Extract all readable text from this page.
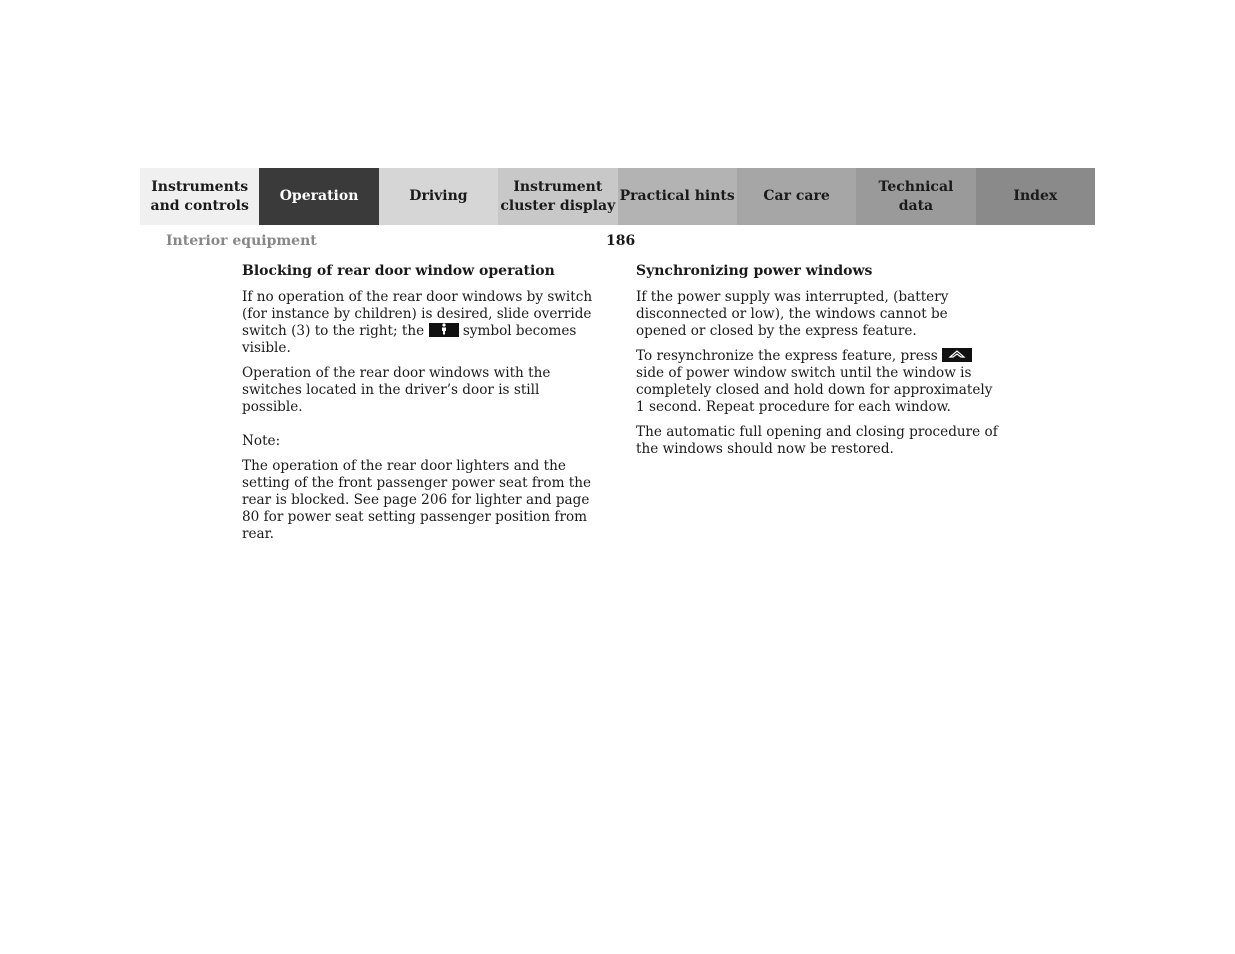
Instruments
and controls
Operation	Driving
Instrument
cluster display
Practical hints	Car care
Technical
data
Index
Interior equipment	186
Blocking of rear door window operation

If no operation of the rear door windows by switch (for instance by children) is desired, slide override switch (3) to the right; the
symbol becomes visible.

Operation of the rear door windows with the switches located in the driver’s door is still possible.

Note:

The operation of the rear door lighters and the setting of the front passenger power seat from the rear is blocked. See page 206 for lighter and page 80 for power seat setting passenger position from rear.

Synchronizing power windows

If the power supply was interrupted, (battery disconnected or low), the windows cannot be opened or closed by the express feature.

To resynchronize the express feature, press
side of power window switch until the window is completely closed and hold down for approximately 1 second. Repeat procedure for each window.

The automatic full opening and closing procedure of the windows should now be restored.
